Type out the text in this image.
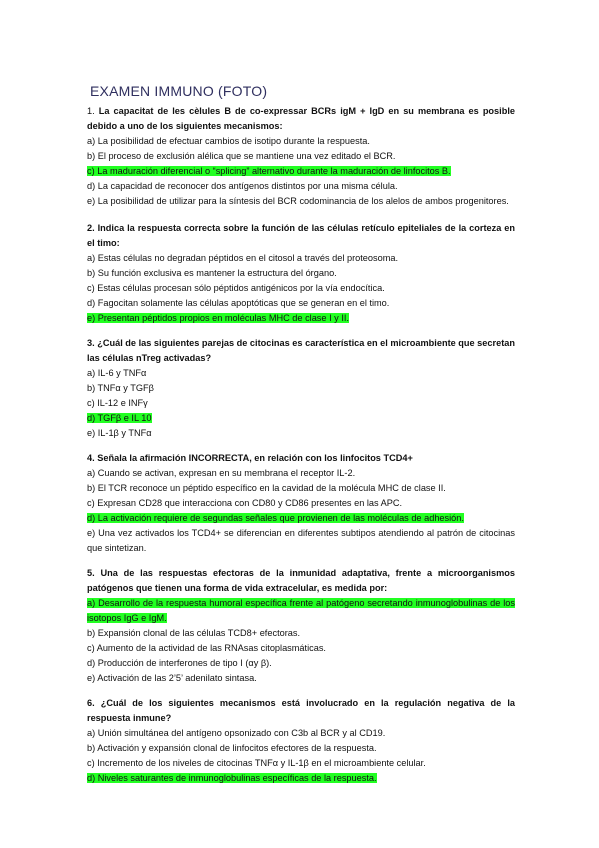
EXAMEN IMMUNO (FOTO)

1. La capacitat de les cèlules B de co-expressar BCRs igM + IgD en su membrana es posible debido a uno de los siguientes mecanismos:

a) La posibilidad de efectuar cambios de isotipo durante la respuesta.

b) El proceso de exclusión alélica que se mantiene una vez editado el BCR.

c) La maduración diferencial o “splicing” alternativo durante la maduración de linfocitos B.

d) La capacidad de reconocer dos antígenos distintos por una misma célula.

e) La posibilidad de utilizar para la síntesis del BCR codominancia de los alelos de ambos progenitores.

2. Indica la respuesta correcta sobre la función de las células retículo epiteliales de la corteza en el timo:

a) Estas células no degradan péptidos en el citosol a través del proteosoma.

b) Su función exclusiva es mantener la estructura del órgano.

c) Estas células procesan sólo péptidos antigénicos por la vía endocítica.

d) Fagocitan solamente las células apoptóticas que se generan en el timo.

e) Presentan péptidos propios en moléculas MHC de clase I y II.

3. ¿Cuál de las siguientes parejas de citocinas es característica en el microambiente que secretan las células nTreg activadas?

a) IL-6 y TNFα

b) TNFα y TGFβ

c) IL-12 e INFγ

d) TGFβ e IL 10

e) IL-1β y TNFα

4. Señala la afirmación INCORRECTA, en relación con los linfocitos TCD4+

a) Cuando se activan, expresan en su membrana el receptor IL-2.

b) El TCR reconoce un péptido específico en la cavidad de la molécula MHC de clase II.

c) Expresan CD28 que interacciona con CD80 y CD86 presentes en las APC.

d) La activación requiere de segundas señales que provienen de las moléculas de adhesión.

e) Una vez activados los TCD4+ se diferencian en diferentes subtipos atendiendo al patrón de citocinas que sintetizan.

5. Una de las respuestas efectoras de la inmunidad adaptativa, frente a microorganismos patógenos que tienen una forma de vida extracelular, es medida por:

a) Desarrollo de la respuesta humoral específica frente al patógeno secretando inmunoglobulinas de los isotopos IgG e IgM.

b) Expansión clonal de las células TCD8+ efectoras.

c) Aumento de la actividad de las RNAsas citoplasmáticas.

d) Producción de interferones de tipo I (αy β).

e) Activación de las 2’5’ adenilato sintasa.

6. ¿Cuál de los siguientes mecanismos está involucrado en la regulación negativa de la respuesta inmune?

a) Unión simultánea del antígeno opsonizado con C3b al BCR y al CD19.

b) Activación y expansión clonal de linfocitos efectores de la respuesta.

c) Incremento de los niveles de citocinas TNFα y IL-1β en el microambiente celular.

d) Niveles saturantes de inmunoglobulinas específicas de la respuesta.
